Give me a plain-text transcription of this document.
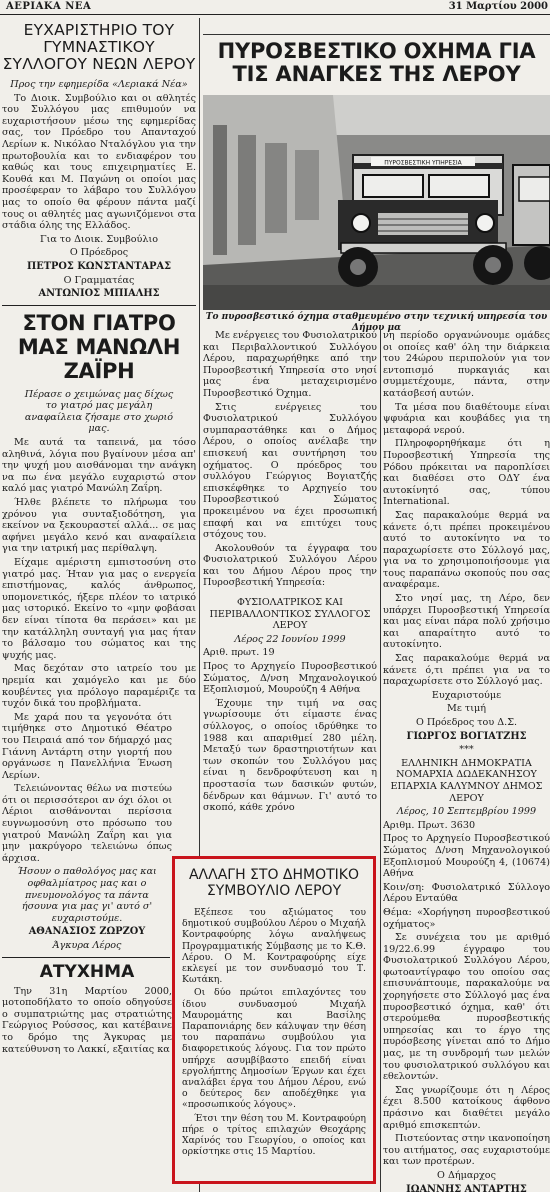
ΑΕΡΙΑΚΑ ΝΕΑ	31 Μαρτίου 2000
ΕΥΧΑΡΙΣΤΗΡΙΟ ΤΟΥ ΓΥΜΝΑΣΤΙΚΟΥ ΣΥΛΛΟΓΟΥ ΝΕΩΝ ΛΕΡΟΥ

Προς την εφημερίδα «Λεριακά Νέα»

Το Διοικ. Συμβούλιο και οι αθλητές του Συλλόγου μας επιθυμούν να ευχαριστήσουν μέσω της εφημερίδας σας, τον Πρόεδρο του Απανταχού Λερίων κ. Νικόλαο Νταλόγλου για την πρωτοβουλία και το ενδιαφέρον του καθώς και τους επιχειρηματίες Ε. Κουθά και Μ. Παγώνη οι οποίοι μας προσέφεραν το λάβαρο του Συλλόγου μας το οποίο θα φέρουν πάντα μαζί τους οι αθλητές μας αγωνιζόμενοι στα στάδια όλης της Ελλάδος.

Για το Διοικ. Συμβούλιο

Ο Πρόεδρος

ΠΕΤΡΟΣ ΚΩΝΣΤΑΝΤΑΡΑΣ

Ο Γραμματέας

ΑΝΤΩΝΙΟΣ ΜΠΙΑΛΗΣ

ΣΤΟΝ ΓΙΑΤΡΟ ΜΑΣ ΜΑΝΩΛΗ ΖΑΪΡΗ

Πέρασε ο χειμώνας μας δίχως το γιατρό μας μεγάλη αναφαίλεια ζήσαμε στο χωριό μας.

Με αυτά τα ταπεινά, μα τόσο αληθινά, λόγια που βγαίνουν μέσα απ' την ψυχή μου αισθάνομαι την ανάγκη να πω ένα μεγάλο ευχαριστώ στον καλό μας γιατρό Μανώλη Ζαΐρη.

Ήλθε βλέπετε το πλήρωμα του χρόνου για συνταξιοδότηση, για εκείνον να ξεκουραστεί αλλά... σε μας αφήνει μεγάλο κενό και αναφαίλεια για την ιατρική μας περίθαλψη.

Είχαμε αμέριστη εμπιστοσύνη στο γιατρό μας. Ήταν για μας ο ενεργεία επιστήμονας, καλός άνθρωπος, υπομονετικός, ήξερε πλέον το ιατρικό μας ιστορικό. Εκείνο το «μην φοβάσαι δεν είναι τίποτα θα περάσει» και με την κατάλληλη συνταγή για μας ήταν το βάλσαμο του σώματος και της ψυχής μας.

Μας δεχόταν στο ιατρείο του με ηρεμία και χαμόγελο και με δύο κουβέντες για πρόλογο παραμέριζε τα τυχόν δικά του προβλήματα.

Με χαρά που τα γεγονότα ότι τιμήθηκε στο Δημοτικό Θέατρο του Πειραιά από τον δήμαρχό μας Γιάννη Αντάρτη στην γιορτή που οργάνωσε η Πανελλήνια Ένωση Λερίων.

Τελειώνοντας θέλω να πιστεύω ότι οι περισσότεροι αν όχι όλοι οι Λέριοι αισθάνονται περίσσια ευγνωμοσύνη στο πρόσωπο του γιατρού Μανώλη Ζαΐρη και για μην μακρύγορο τελειώνω όπως άρχισα.

Ήσουν ο παθολόγος μας και οφθαλμίατρος μας και ο πνευμονολόγος τα πάντα ήσουνα για μας γι' αυτό σ' ευχαριστούμε.

ΑΘΑΝΑΣΙΟΣ ΖΩΡΖΟΥ

Άγκυρα Λέρος

ΑΤΥΧΗΜΑ

Την 31η Μαρτίου 2000, μοτοποδήλατο το οποίο οδηγούσε ο συμπατριώτης μας στρατιώτης Γεώργιος Ρούσσος, και κατέβαινε το δρόμο της Άγκυρας με κατεύθυνση το Λακκί, εξαιτίας κα

ΠΥΡΟΣΒΕΣΤΙΚΟ ΟΧΗΜΑ ΓΙΑ ΤΙΣ ΑΝΑΓΚΕΣ ΤΗΣ ΛΕΡΟΥ
ΠΥΡΟΣΒΕΣΤΙΚΗ ΥΠΗΡΕΣΙΑ
Το πυροσβεστικό όχημα σταθμευμένο στην τεχνική υπηρεσία του Δήμου μα

Με ενέργειες του Φυσιολατρικού και Περιβαλλοντικού Συλλόγου Λέρου, παραχωρήθηκε από την Πυροσβεστική Υπηρεσία στο νησί μας ένα μεταχειρισμένο Πυροσβεστικό Όχημα.

Στις ενέργειες του Φυσιολατρικού Συλλόγου συμπαραστάθηκε και ο Δήμος Λέρου, ο οποίος ανέλαβε την επισκευή και συντήρηση του οχήματος. Ο πρόεδρος του συλλόγου Γεώργιος Βογιατζής επισκέφθηκε το Αρχηγείο του Πυροσβεστικού Σώματος προκειμένου να έχει προσωπική επαφή και να επιτύχει τους στόχους του.

Ακολουθούν τα έγγραφα του Φυσιολατρικού Συλλόγου Λέρου και του Δήμου Λέρου προς την Πυροσβεστική Υπηρεσία:

ΦΥΣΙΟΛΑΤΡΙΚΟΣ ΚΑΙ ΠΕΡΙΒΑΛΛΟΝΤΙΚΟΣ ΣΥΛΛΟΓΟΣ ΛΕΡΟΥ

Λέρος 22 Ιουνίου 1999

Αριθ. πρωτ. 19

Προς το Αρχηγείο Πυροσβεστικού Σώματος, Δ/νση Μηχανολογικού Εξοπλισμού, Μουρούζη 4 Αθήνα

Έχουμε την τιμή να σας γνωρίσουμε ότι είμαστε ένας σύλλογος, ο οποίος ιδρύθηκε το 1988 και απαριθμεί 280 μέλη. Μεταξύ των δραστηριοτήτων και των σκοπών του Συλλόγου μας είναι η δενδροφύτευση και η προστασία των δασικών φυτών, δένδρων και θάμνων. Γι' αυτό το σκοπό, κάθε χρόνο

νη περίοδο οργανώνουμε ομάδες οι οποίες καθ' όλη την διάρκεια του 24ώρου περιπολούν για τον εντοπισμό πυρκαγιάς και συμμετέχουμε, πάντα, στην κατάσβεσή αυτών.

Τα μέσα που διαθέτουμε είναι ψφυάρια και κουβάδες για τη μεταφορά νερού.

Πληροφορηθήκαμε ότι η Πυροσβεστική Υπηρεσία της Ρόδου πρόκειται να παροπλίσει και διαθέσει στο ΟΔΥ ένα αυτοκίνητό σας, τύπου International.

Σας παρακαλούμε θερμά να κάνετε ό,τι πρέπει προκειμένου αυτό το αυτοκίνητο να το παραχωρίσετε στο Σύλλογό μας, για να το χρησιμοποιήσουμε για τους παραπάνω σκοπούς που σας αναφέραμε.

Στο νησί μας, τη Λέρο, δεν υπάρχει Πυροσβεστική Υπηρεσία και μας είναι πάρα πολύ χρήσιμο και απαραίτητο αυτό το αυτοκίνητο.

Σας παρακαλούμε θερμά να κάνετε ό,τι πρέπει για να το παραχωρίσετε στο Σύλλογό μας.

Ευχαριστούμε

Με τιμή

Ο Πρόεδρος του Δ.Σ.

ΓΙΩΡΓΟΣ ΒΟΓΙΑΤΖΗΣ

***

ΕΛΛΗΝΙΚΗ ΔΗΜΟΚΡΑΤΙΑ ΝΟΜΑΡΧΙΑ ΔΩΔΕΚΑΝΗΣΟΥ ΕΠΑΡΧΙΑ ΚΑΛΥΜΝΟΥ ΔΗΜΟΣ ΛΕΡΟΥ

Λέρος, 10 Σεπτεμβρίου 1999

Αριθμ. Πρωτ. 3630

Προς το Αρχηγείο Πυροσβεστικού Σώματος Δ/νση Μηχανολογικού Εξοπλισμού Μουρούζη 4, (10674) Αθήνα

Κοιν/ση: Φυσιολατρικό Σύλλογο Λέρου Ενταύθα

Θέμα: «Χορήγηση πυροσβεστικού οχήματος»

Σε συνέχεια του με αριθμό 19/22.6.99 έγγραφο του Φυσιολατρικού Συλλόγου Λέρου, φωτοαντίγραφο του οποίου σας επισυνάπτουμε, παρακαλούμε να χορηγήσετε στο Σύλλογό μας ένα πυροσβεστικό όχημα, καθ' ότι στερούμεθα πυροσβεστικής υπηρεσίας και το έργο της πυρόσβεσης γίνεται από το Δήμο μας, με τη συνδρομή των μελών του φυσιολατρικού συλλόγου και εθελοντών.

Σας γνωρίζουμε ότι η Λέρος έχει 8.500 κατοίκους άφθονο πράσινο και διαθέτει μεγάλο αριθμό επισκεπτών.

Πιστεύοντας στην ικανοποίηση του αιτήματος, σας ευχαριστούμε και των προτέρων.

Ο Δήμαρχος

ΙΩΑΝΝΗΣ ΑΝΤΑΡΤΗΣ

ΑΛΛΑΓΗ ΣΤΟ ΔΗΜΟΤΙΚΟ ΣΥΜΒΟΥΛΙΟ ΛΕΡΟΥ

Εξέπεσε του αξιώματος του δημοτικού συμβούλου Λέρου ο Μιχαήλ Κοντραφούρης λόγω αναλήψεως Προγραμματικής Σύμβασης με το Κ.Θ. Λέρου. Ο Μ. Κοντραφούρης είχε εκλεγεί με τον συνδυασμό του Τ. Κωτάκη.

Οι δύο πρώτοι επιλαχόντες του ίδιου συνδυασμού Μιχαήλ Μαυρομάτης και Βασίλης Παραπονιάρης δεν κάλυψαν την θέση του παραπάνω συμβούλου για διαφορετικούς λόγους. Για τον πρώτο υπήρχε ασυμβίβαστο επειδή είναι εργολήπτης Δημοσίων Έργων και έχει αναλάβει έργα του Δήμου Λέρου, ενώ ο δεύτερος δεν αποδέχθηκε για «προσωπικούς λόγους».

Έτσι την θέση του Μ. Κοντραφούρη πήρε ο τρίτος επιλαχών Θεοχάρης Χαρίνός του Γεωργίου, ο οποίος και ορκίστηκε στις 15 Μαρτίου.
